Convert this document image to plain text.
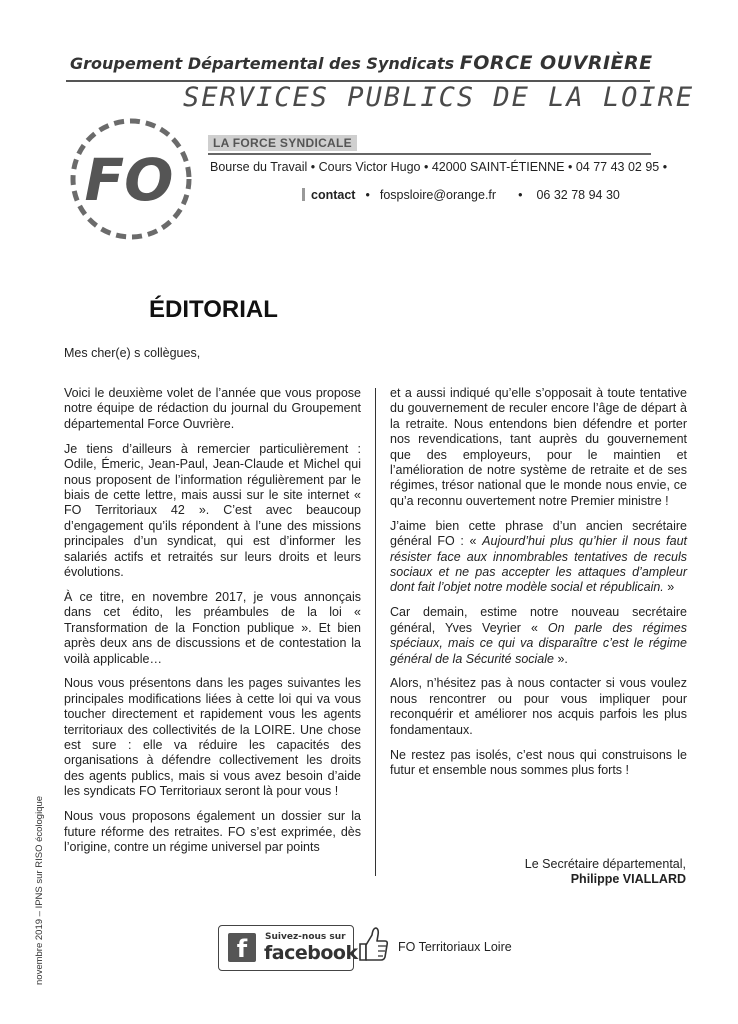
Groupement Départemental des Syndicats FORCE OUVRIÈRE
SERVICES PUBLICS DE LA LOIRE
FO
LA FORCE SYNDICALE
Bourse du Travail • Cours Victor Hugo • 42000 SAINT-ÉTIENNE • 04 77 43 02 95 •
contact • fospsloire@orange.fr • 06 32 78 94 30
ÉDITORIAL
Mes cher(e) s collègues,

Voici le deuxième volet de l’année que vous propose notre équipe de rédaction du journal du Groupement départemental Force Ouvrière.

Je tiens d’ailleurs à remercier particulièrement : Odile, Émeric, Jean-Paul, Jean-Claude et Michel qui nous proposent de l’information régulièrement par le biais de cette lettre, mais aussi sur le site internet « FO Territoriaux 42 ». C’est avec beaucoup d’engagement qu’ils répondent à l’une des missions principales d’un syndicat, qui est d’informer les salariés actifs et retraités sur leurs droits et leurs évolutions.

À ce titre, en novembre 2017, je vous annonçais dans cet édito, les préambules de la loi « Transformation de la Fonction publique ». Et bien après deux ans de discussions et de contestation la voilà applicable…

Nous vous présentons dans les pages suivantes les principales modifications liées à cette loi qui va vous toucher directement et rapidement vous les agents territoriaux des collectivités de la LOIRE. Une chose est sure : elle va réduire les capacités des organisations à défendre collectivement les droits des agents publics, mais si vous avez besoin d’aide les syndicats FO Territoriaux seront là pour vous !

Nous vous proposons également un dossier sur la future réforme des retraites. FO s’est exprimée, dès l’origine, contre un régime universel par points

et a aussi indiqué qu’elle s’opposait à toute tentative du gouvernement de reculer encore l’âge de départ à la retraite. Nous entendons bien défendre et porter nos revendications, tant auprès du gouvernement que des employeurs, pour le maintien et l’amélioration de notre système de retraite et de ses régimes, trésor national que le monde nous envie, ce qu’a reconnu ouvertement notre Premier ministre !

J’aime bien cette phrase d’un ancien secrétaire général FO : « Aujourd’hui plus qu’hier il nous faut résister face aux innombrables tentatives de reculs sociaux et ne pas accepter les attaques d’ampleur dont fait l’objet notre modèle social et républicain. »

Car demain, estime notre nouveau secrétaire général, Yves Veyrier « On parle des régimes spéciaux, mais ce qui va disparaître c’est le régime général de la Sécurité sociale ».

Alors, n’hésitez pas à nous contacter si vous voulez nous rencontrer ou pour vous impliquer pour reconquérir et améliorer nos acquis parfois les plus fondamentaux.

Ne restez pas isolés, c’est nous qui construisons le futur et ensemble nous sommes plus forts !

Le Secrétaire départemental,
Philippe VIALLARD
novembre 2019 – IPNS sur RISO écologique	f	Suivez-nous sur
facebook	FO Territoriaux Loire
